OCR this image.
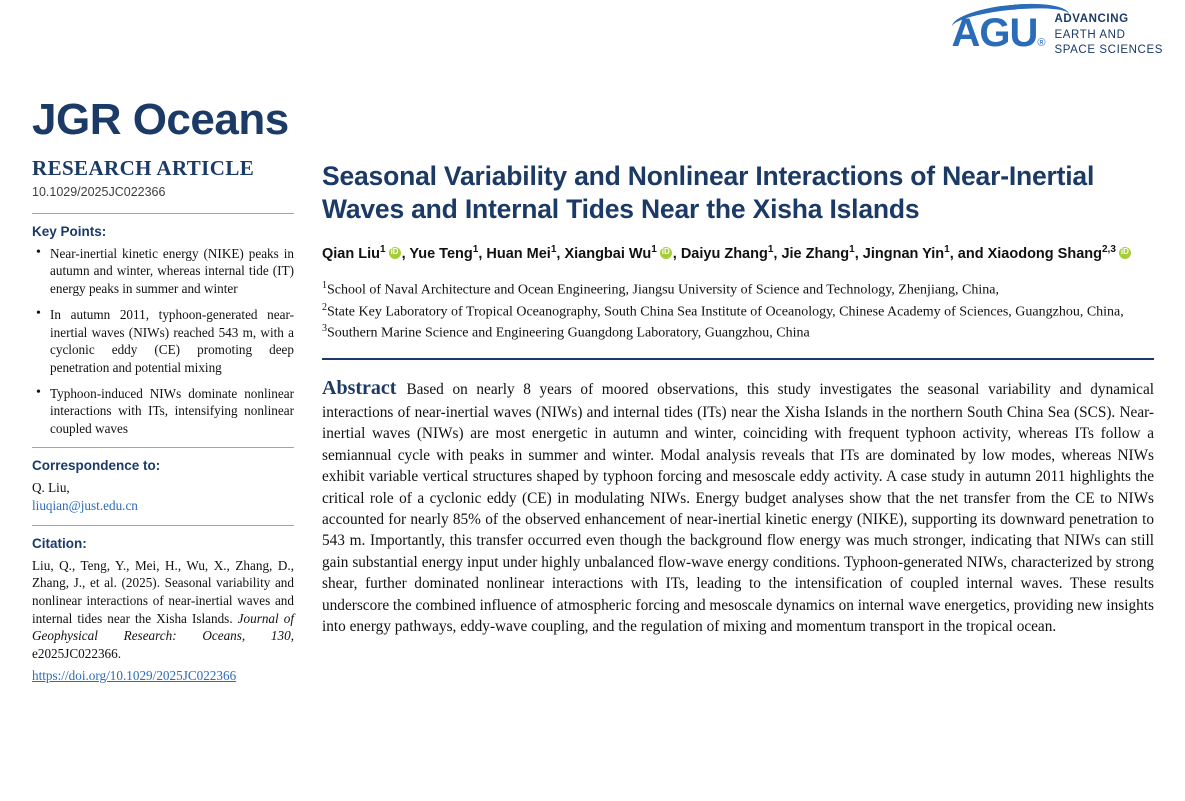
AGU ®
ADVANCING
EARTH AND
SPACE SCIENCES
JGR Oceans
RESEARCH ARTICLE
10.1029/2025JC022366
Key Points:
• Near-inertial kinetic energy (NIKE) peaks in autumn and winter, whereas internal tide (IT) energy peaks in summer and winter
• In autumn 2011, typhoon-generated near-inertial waves (NIWs) reached 543 m, with a cyclonic eddy (CE) promoting deep penetration and potential mixing
• Typhoon-induced NIWs dominate nonlinear interactions with ITs, intensifying nonlinear coupled waves
Correspondence to:
Q. Liu,
liuqian@just.edu.cn
Citation:
Liu, Q., Teng, Y., Mei, H., Wu, X., Zhang, D., Zhang, J., et al. (2025). Seasonal variability and nonlinear interactions of near-inertial waves and internal tides near the Xisha Islands. Journal of Geophysical Research: Oceans, 130, e2025JC022366.
https://doi.org/10.1029/2025JC022366
Seasonal Variability and Nonlinear Interactions of Near-Inertial Waves and Internal Tides Near the Xisha Islands
Qian Liu$^1$ iD , Yue Teng$^1$, Huan Mei$^1$, Xiangbai Wu$^1$ iD , Daiyu Zhang$^1$, Jie Zhang$^1$, Jingnan Yin$^1$, and Xiaodong Shang$^{2,3}$iD
$^1$School of Naval Architecture and Ocean Engineering, Jiangsu University of Science and Technology, Zhenjiang, China,
$^2$State Key Laboratory of Tropical Oceanography, South China Sea Institute of Oceanology, Chinese Academy of Sciences, Guangzhou, China, $^3$Southern Marine Science and Engineering Guangdong Laboratory, Guangzhou, China
Abstract Based on nearly 8 years of moored observations, this study investigates the seasonal variability and dynamical interactions of near-inertial waves (NIWs) and internal tides (ITs) near the Xisha Islands in the northern South China Sea (SCS). Near-inertial waves (NIWs) are most energetic in autumn and winter, coinciding with frequent typhoon activity, whereas ITs follow a semiannual cycle with peaks in summer and winter. Modal analysis reveals that ITs are dominated by low modes, whereas NIWs exhibit variable vertical structures shaped by typhoon forcing and mesoscale eddy activity. A case study in autumn 2011 highlights the critical role of a cyclonic eddy (CE) in modulating NIWs. Energy budget analyses show that the net transfer from the CE to NIWs accounted for nearly 85% of the observed enhancement of near-inertial kinetic energy (NIKE), supporting its downward penetration to 543 m. Importantly, this transfer occurred even though the background flow energy was much stronger, indicating that NIWs can still gain substantial energy input under highly unbalanced flow-wave energy conditions. Typhoon-generated NIWs, characterized by strong shear, further dominated nonlinear interactions with ITs, leading to the intensification of coupled internal waves. These results underscore the combined influence of atmospheric forcing and mesoscale dynamics on internal wave energetics, providing new insights into energy pathways, eddy-wave coupling, and the regulation of mixing and momentum transport in the tropical ocean.
